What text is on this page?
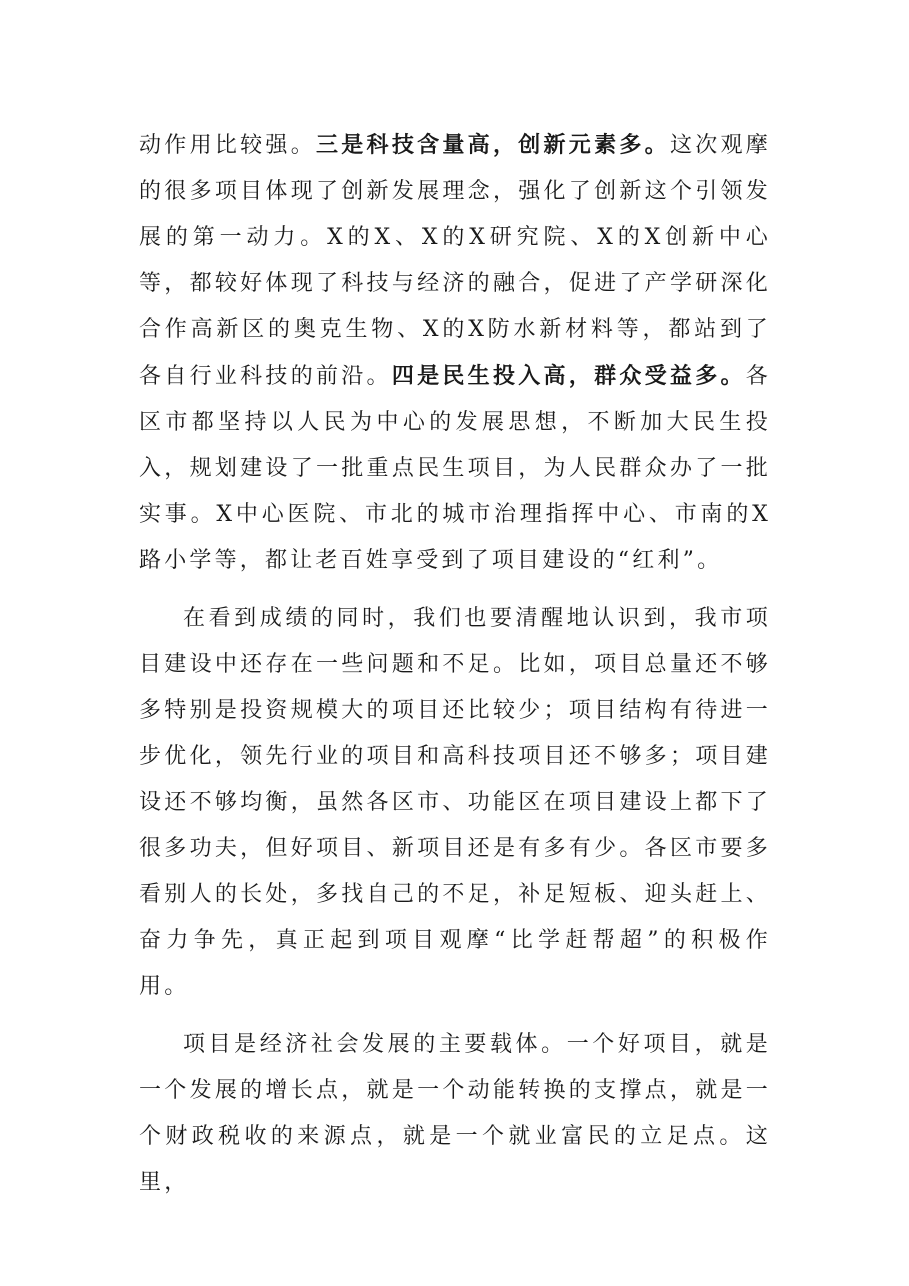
动作用比较强。三是科技含量高，创新元素多。这次观摩的很多项目体现了创新发展理念，强化了创新这个引领发展的第一动力。X的X、X的X研究院、X的X创新中心等，都较好体现了科技与经济的融合，促进了产学研深化合作高新区的奥克生物、X的X防水新材料等，都站到了各自行业科技的前沿。四是民生投入高，群众受益多。各区市都坚持以人民为中心的发展思想，不断加大民生投入，规划建设了一批重点民生项目，为人民群众办了一批实事。X中心医院、市北的城市治理指挥中心、市南的X路小学等，都让老百姓享受到了项目建设的“红利”。

在看到成绩的同时，我们也要清醒地认识到，我市项目建设中还存在一些问题和不足。比如，项目总量还不够多特别是投资规模大的项目还比较少；项目结构有待进一步优化，领先行业的项目和高科技项目还不够多；项目建设还不够均衡，虽然各区市、功能区在项目建设上都下了很多功夫，但好项目、新项目还是有多有少。各区市要多看别人的长处，多找自己的不足，补足短板、迎头赶上、奋力争先，真正起到项目观摩“比学赶帮超”的积极作用。

项目是经济社会发展的主要载体。一个好项目，就是一个发展的增长点，就是一个动能转换的支撑点，就是一个财政税收的来源点，就是一个就业富民的立足点。这里，
